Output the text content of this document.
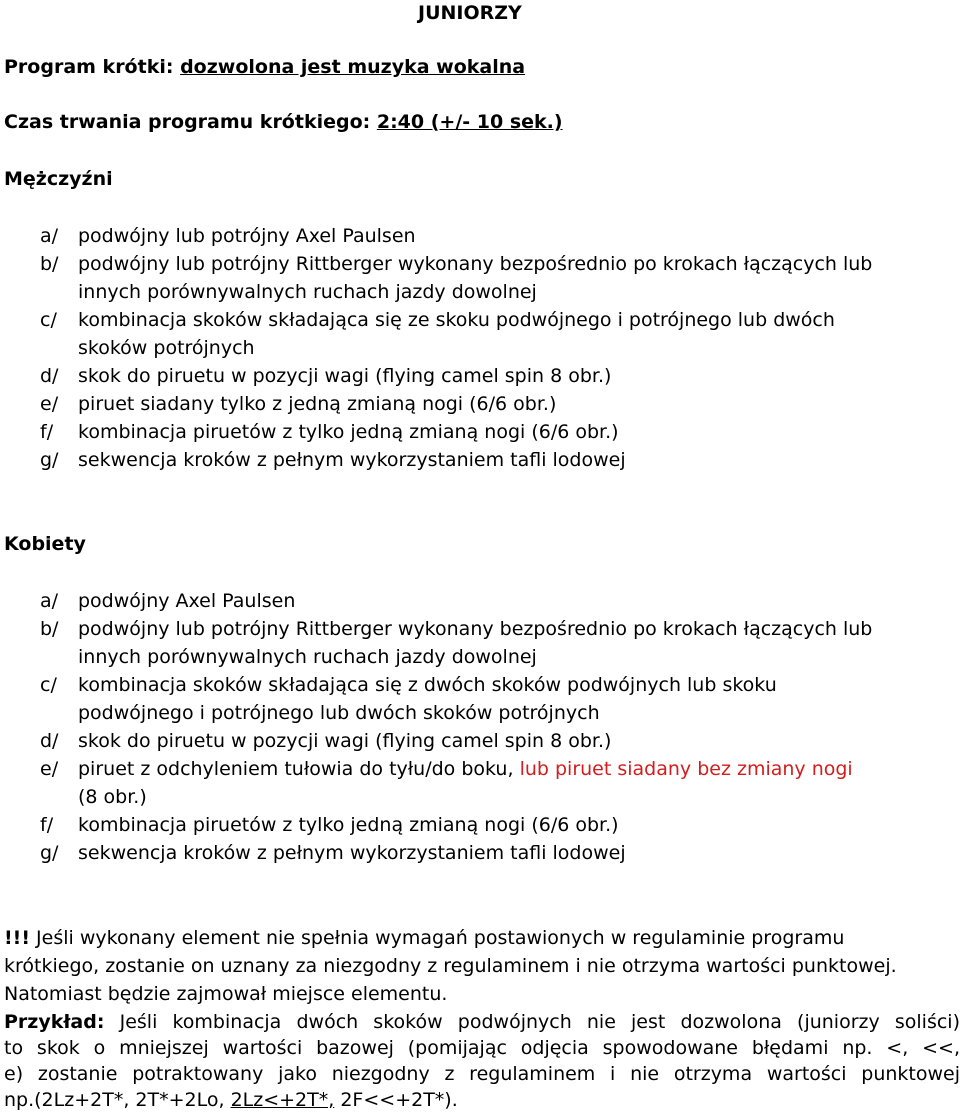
JUNIORZY
Program krótki: dozwolona jest muzyka wokalna
Czas trwania programu krótkiego: 2:40 (+/- 10 sek.)
Mężczyźni
a/ podwójny lub potrójny Axel Paulsen
b/ podwójny lub potrójny Rittberger wykonany bezpośrednio po krokach łączących lub
innych porównywalnych ruchach jazdy dowolnej
c/ kombinacja skoków składająca się ze skoku podwójnego i potrójnego lub dwóch
skoków potrójnych
d/ skok do piruetu w pozycji wagi (flying camel spin 8 obr.)
e/ piruet siadany tylko z jedną zmianą nogi (6/6 obr.)
f/ kombinacja piruetów z tylko jedną zmianą nogi (6/6 obr.)
g/ sekwencja kroków z pełnym wykorzystaniem tafli lodowej
Kobiety
a/ podwójny Axel Paulsen
b/ podwójny lub potrójny Rittberger wykonany bezpośrednio po krokach łączących lub
innych porównywalnych ruchach jazdy dowolnej
c/ kombinacja skoków składająca się z dwóch skoków podwójnych lub skoku
podwójnego i potrójnego lub dwóch skoków potrójnych
d/ skok do piruetu w pozycji wagi (flying camel spin 8 obr.)
e/ piruet z odchyleniem tułowia do tyłu/do boku, lub piruet siadany bez zmiany nogi
(8 obr.)
f/ kombinacja piruetów z tylko jedną zmianą nogi (6/6 obr.)
g/ sekwencja kroków z pełnym wykorzystaniem tafli lodowej
!!! Jeśli wykonany element nie spełnia wymagań postawionych w regulaminie programu
krótkiego, zostanie on uznany za niezgodny z regulaminem i nie otrzyma wartości punktowej.
Natomiast będzie zajmował miejsce elementu.
Przykład: Jeśli kombinacja dwóch skoków podwójnych nie jest dozwolona (juniorzy soliści)
to skok o mniejszej wartości bazowej (pomijając odjęcia spowodowane błędami np. <, <<,
e) zostanie potraktowany jako niezgodny z regulaminem i nie otrzyma wartości punktowej
np.(2Lz+2T*, 2T*+2Lo, 2Lz<+2T*, 2F<<+2T*).
